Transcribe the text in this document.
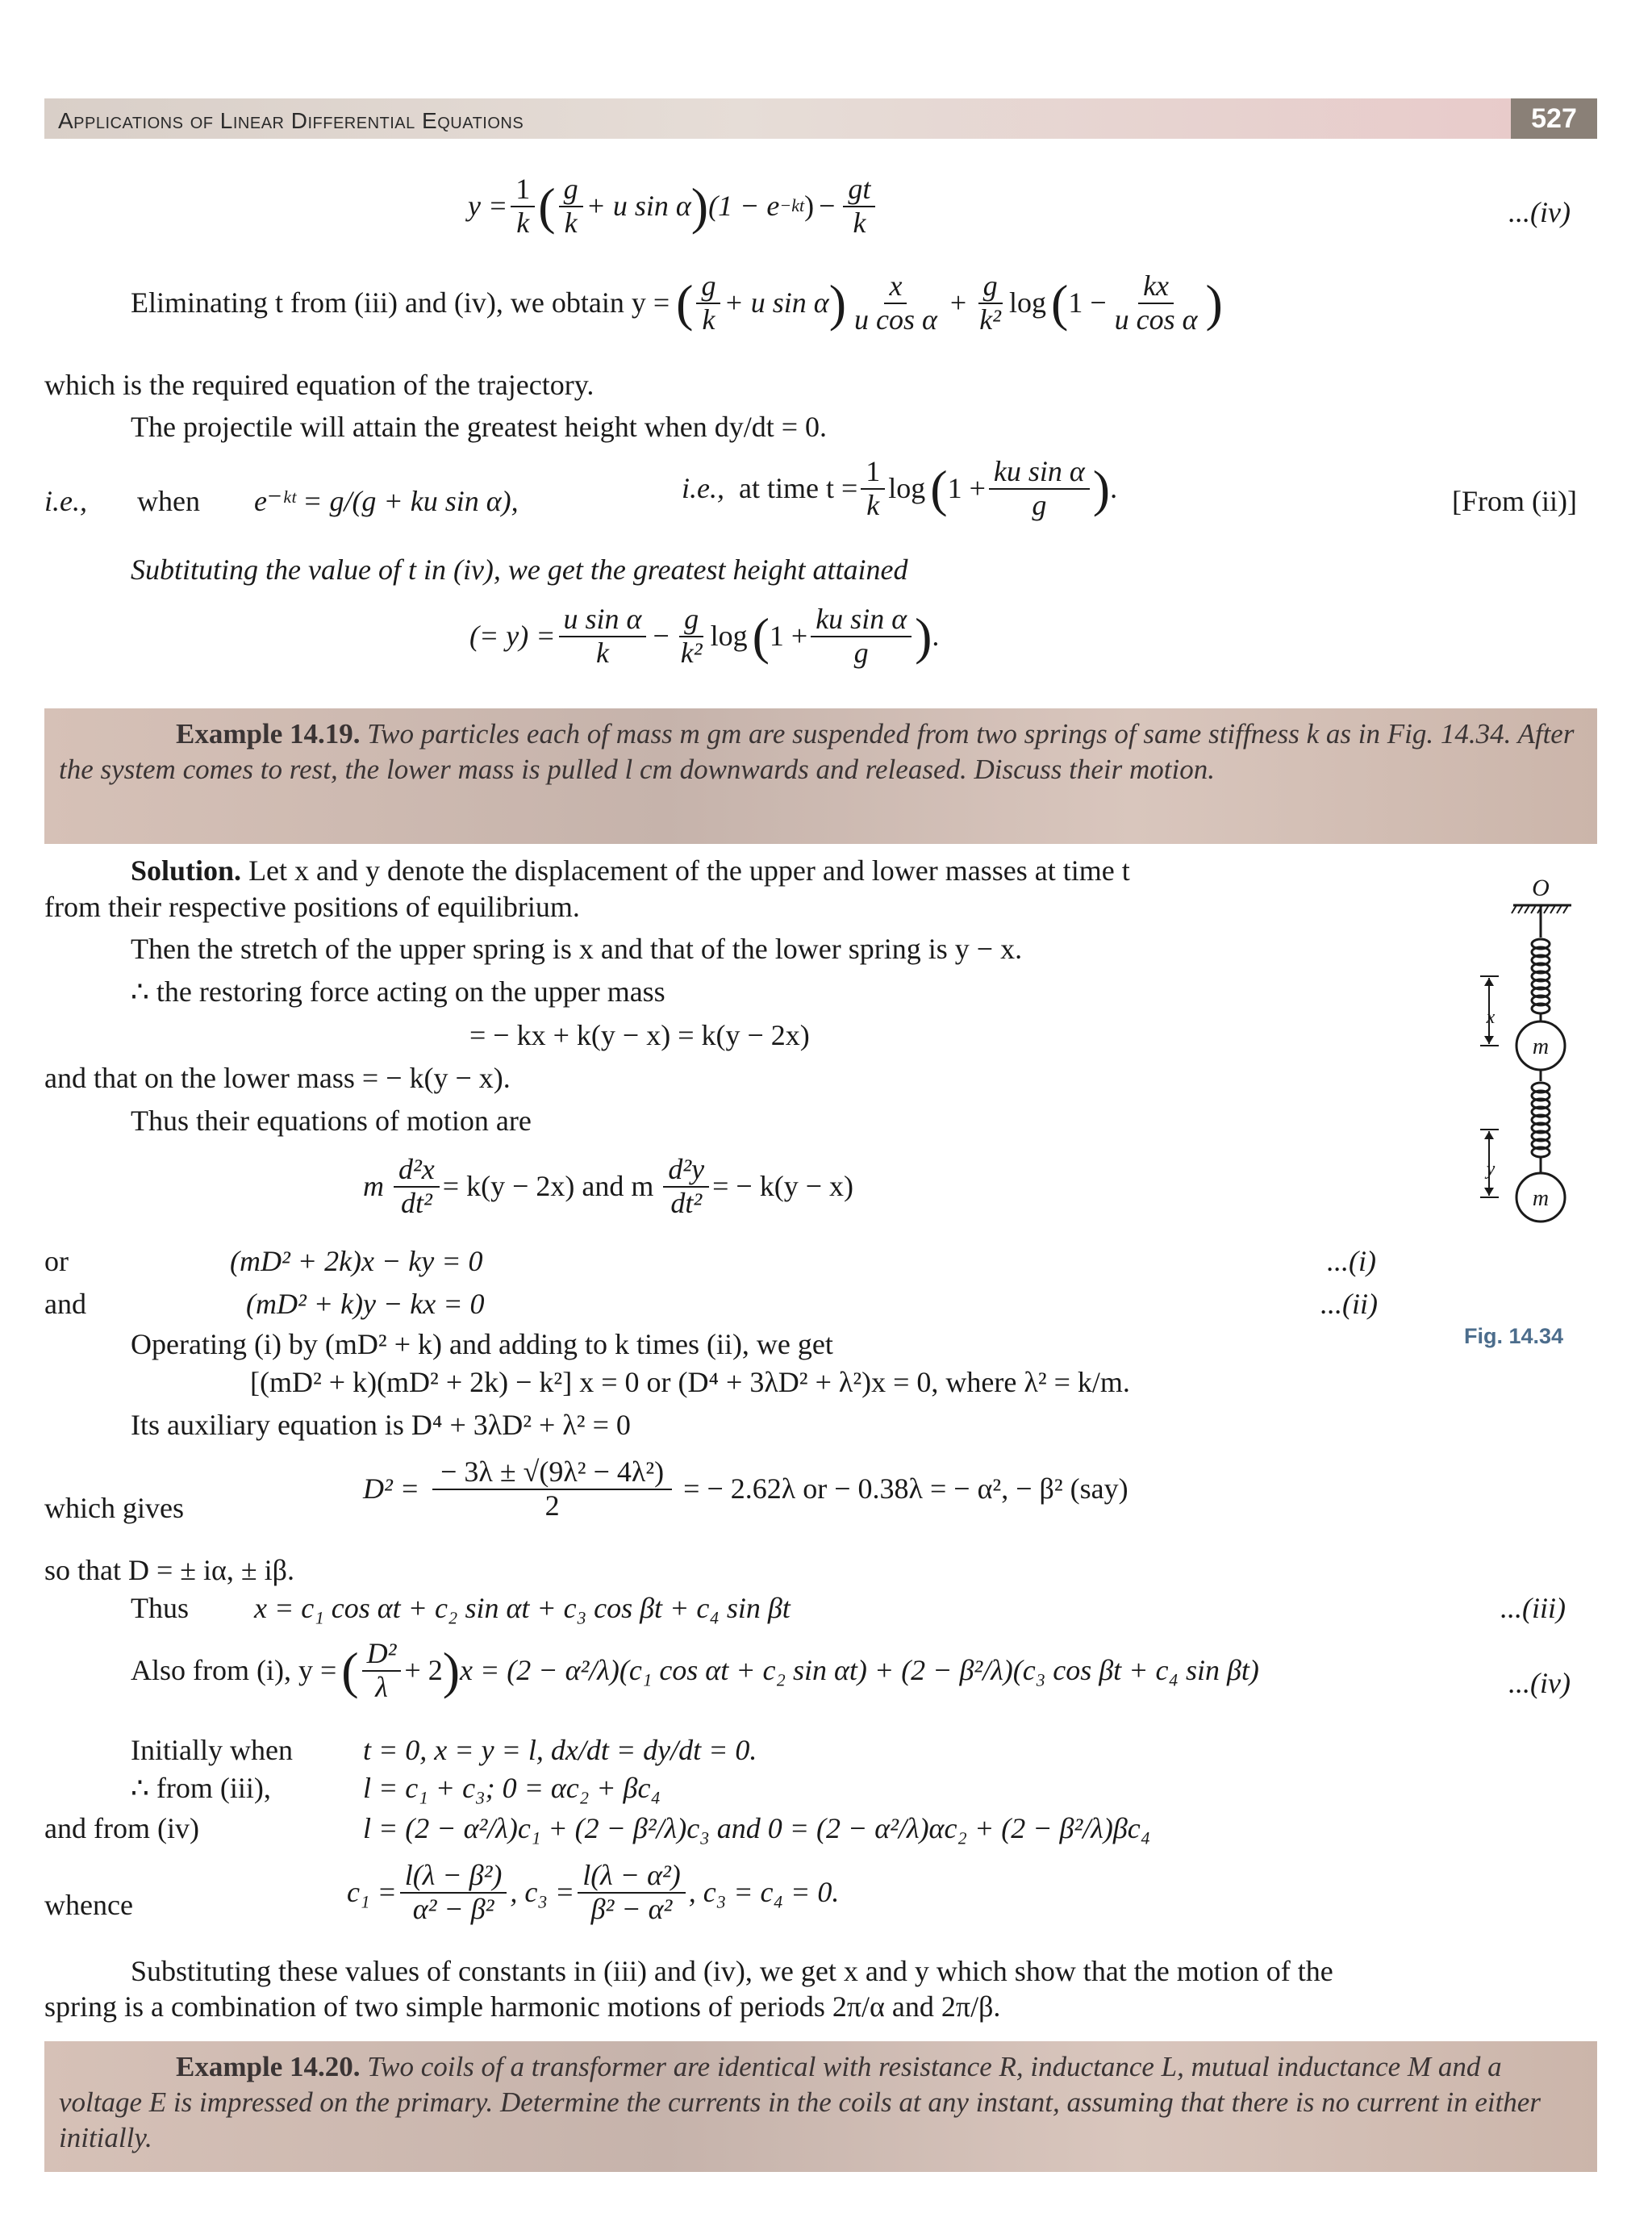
Applications of Linear Differential Equations	527
$y = \frac{1}{k}$ ( $\frac{g}{k} + u$ sin α ) (1 − e −kt ) − $\frac{gt}{k}$	...(iv)
Eliminating t from (iii) and (iv), we obtain y = ( $\frac{g}{k} + u$ sin α ) $\frac{x}{\text{u cos α}} + \frac{g}{\text{k²}}$ log ( $1 - \frac{kx}{\text{u cos α}}$ )
which is the required equation of the trajectory.
The projectile will attain the greatest height when dy/dt = 0.
i.e., when e⁻ᵏᵗ = g/(g + ku sin α),	i.e., at time $t = \frac{1}{k}$ log ( $1 + \frac{\text{ku sin α}}{g}$ ) .	[From (ii)]
Subtituting the value of t in (iv), we get the greatest height attained
(= $y) = \frac{\text{u sin α}}{k} - \frac{g}{\text{k²}}$ log ( $1 + \frac{\text{ku sin α}}{g}$ ) .
Example 14.19. Two particles each of mass m gm are suspended from two springs of same stiffness k as in Fig. 14.34. After the system comes to rest, the lower mass is pulled l cm downwards and released. Discuss their motion.
Solution. Let x and y denote the displacement of the upper and lower masses at time t
from their respective positions of equilibrium.
Then the stretch of the upper spring is x and that of the lower spring is y − x.
∴ the restoring force acting on the upper mass
= − kx + k(y − x) = k(y − 2x)
and that on the lower mass = − k(y − x).
Thus their equations of motion are
m $\frac{\text{d²x}}{\text{dt²}} = k(y - 2x)$ and m $\frac{\text{d²y}}{\text{dt²}}$ = − k(y − x)
or	(mD² + 2k)x − ky = 0	...(i)
and	(mD² + k)y − kx = 0	...(ii)
Operating (i) by (mD² + k) and adding to k times (ii), we get
[(mD² + k)(mD² + 2k) − k²] x = 0 or (D⁴ + 3λD² + λ²)x = 0, where λ² = k/m.
Its auxiliary equation is D⁴ + 3λD² + λ² = 0
which gives
$D^2 = \frac{\text{− 3λ ± √(9λ² − 4λ²)}}{2}$ = − 2.62λ or − 0.38λ = − α², − β² (say)
so that D = ± iα, ± iβ.
Thus x = c₁ cos αt + c₂ sin αt + c₃ cos βt + c₄ sin βt	...(iii)
Also from (i), y = ( $\frac{\text{D²}}{\lambda} + 2$ ) x = (2 − α²/λ)(c₁ cos αt + c₂ sin αt) + (2 − β²/λ)(c₃ cos βt + c₄ sin βt)	...(iv)
Initially when t = 0, x = y = l, dx/dt = dy/dt = 0.
∴ from (iii),	l = c₁ + c₃; 0 = αc₂ + βc₄
and from (iv)	l = (2 − α²/λ)c₁ + (2 − β²/λ)c₃ and 0 = (2 − α²/λ)αc₂ + (2 − β²/λ)βc₄
whence	$c_1 = \frac{\text{l(λ − β²)}}{\text{α² − β²}}$ , $c_3 = \frac{\text{l(λ − α²)}}{\text{β² − α²}}$ , c₃ = c₄ = 0.
Substituting these values of constants in (iii) and (iv), we get x and y which show that the motion of the
spring is a combination of two simple harmonic motions of periods 2π/α and 2π/β.
Example 14.20. Two coils of a transformer are identical with resistance R, inductance L, mutual inductance M and a voltage E is impressed on the primary. Determine the currents in the coils at any instant, assuming that there is no current in either initially.
O
m
x
m
y
Fig. 14.34
